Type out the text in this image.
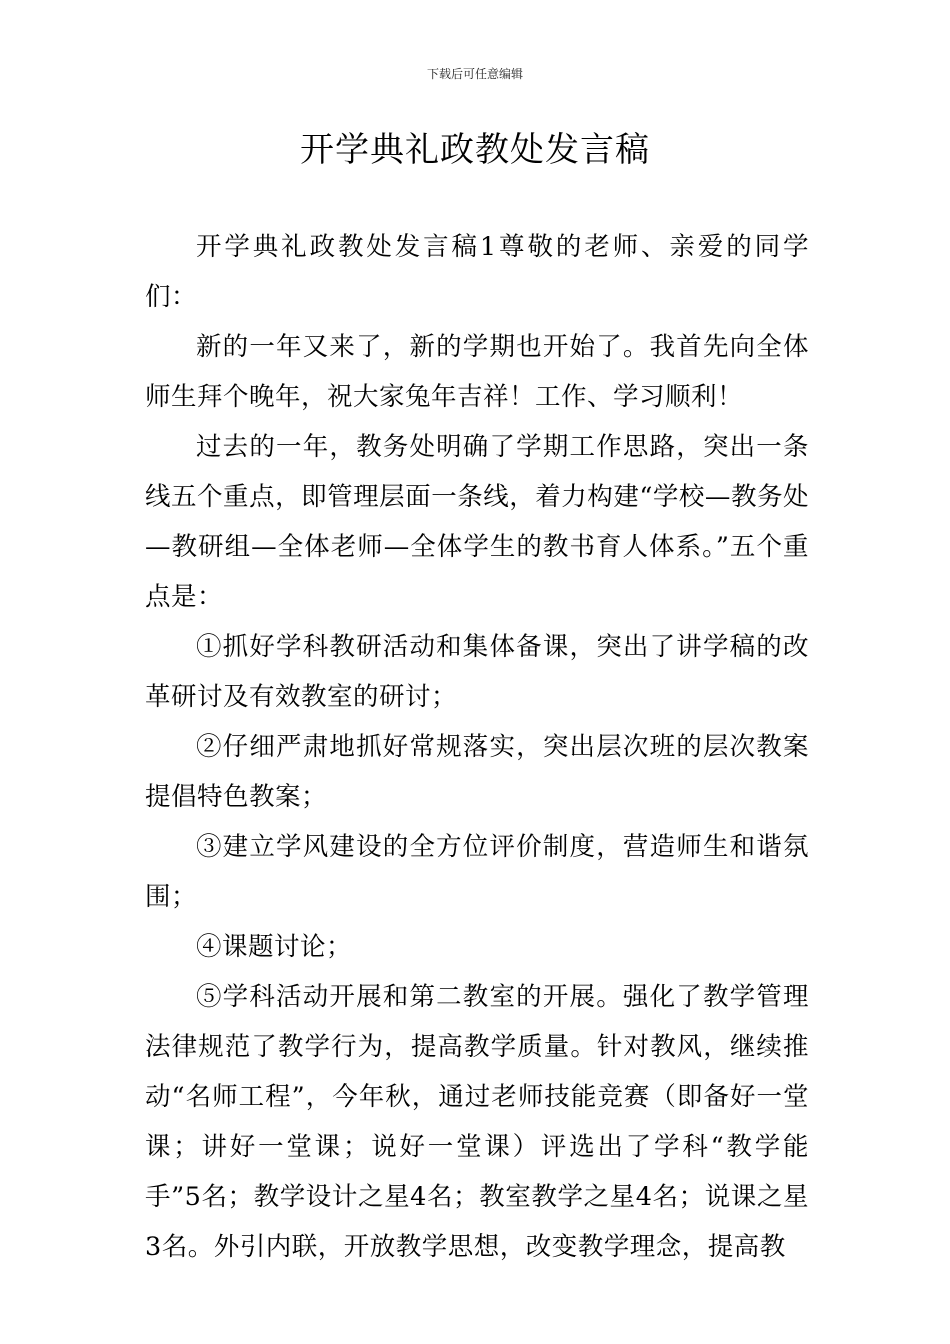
下载后可任意编辑
开学典礼政教处发言稿

开学典礼政教处发言稿1尊敬的老师、亲爱的同学们：

新的一年又来了，新的学期也开始了。我首先向全体师生拜个晚年，祝大家兔年吉祥！工作、学习顺利！

过去的一年，教务处明确了学期工作思路，突出一条线五个重点，即管理层面一条线，着力构建“学校—教务处—教研组—全体老师—全体学生的教书育人体系。”五个重点是：

①抓好学科教研活动和集体备课，突出了讲学稿的改革研讨及有效教室的研讨；

②仔细严肃地抓好常规落实，突出层次班的层次教案提倡特色教案；

③建立学风建设的全方位评价制度，营造师生和谐氛围；

④课题讨论；

⑤学科活动开展和第二教室的开展。强化了教学管理法律规范了教学行为，提高教学质量。针对教风，继续推动“名师工程”，今年秋，通过老师技能竞赛（即备好一堂课；讲好一堂课；说好一堂课）评选出了学科“教学能手”5名；教学设计之星4名；教室教学之星4名；说课之星3名。外引内联，开放教学思想，改变教学理念，提高教
